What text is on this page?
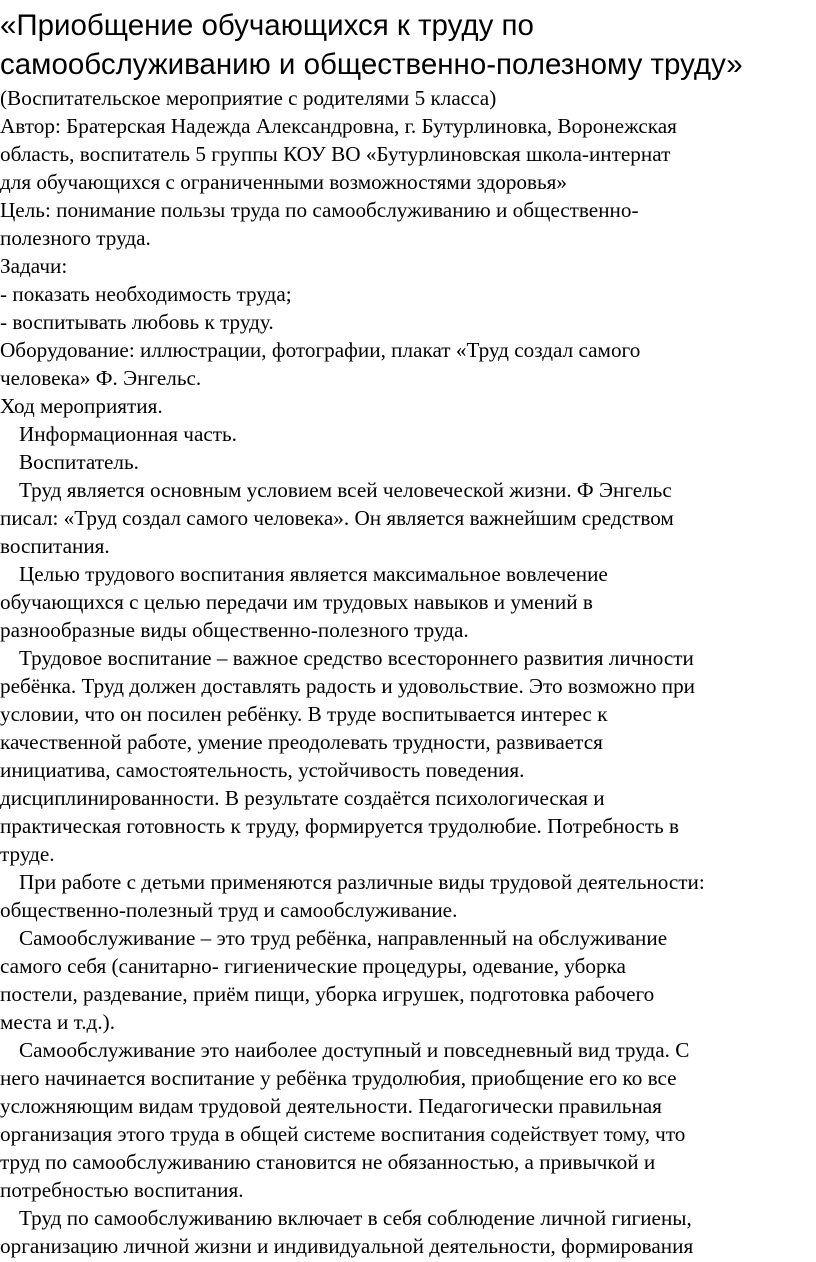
«Приобщение обучающихся к труду по
самообслуживанию и общественно-полезному труду»
(Воспитательское мероприятие с родителями 5 класса)
Автор: Братерская Надежда Александровна, г. Бутурлиновка, Воронежская
область, воспитатель 5 группы КОУ ВО «Бутурлиновская школа-интернат
для обучающихся с ограниченными возможностями здоровья»
Цель: понимание пользы труда по самообслуживанию и общественно-
полезного труда.
Задачи:
- показать необходимость труда;
- воспитывать любовь к труду.
Оборудование: иллюстрации, фотографии, плакат «Труд создал самого
человека» Ф. Энгельс.
Ход мероприятия.
Информационная часть.
Воспитатель.
Труд является основным условием всей человеческой жизни. Ф Энгельс
писал: «Труд создал самого человека». Он является важнейшим средством
воспитания.
Целью трудового воспитания является максимальное вовлечение
обучающихся с целью передачи им трудовых навыков и умений в
разнообразные виды общественно-полезного труда.
Трудовое воспитание – важное средство всестороннего развития личности
ребёнка. Труд должен доставлять радость и удовольствие. Это возможно при
условии, что он посилен ребёнку. В труде воспитывается интерес к
качественной работе, умение преодолевать трудности, развивается
инициатива, самостоятельность, устойчивость поведения.
дисциплинированности. В результате создаётся психологическая и
практическая готовность к труду, формируется трудолюбие. Потребность в
труде.
При работе с детьми применяются различные виды трудовой деятельности:
общественно-полезный труд и самообслуживание.
Самообслуживание – это труд ребёнка, направленный на обслуживание
самого себя (санитарно- гигиенические процедуры, одевание, уборка
постели, раздевание, приём пищи, уборка игрушек, подготовка рабочего
места и т.д.).
Самообслуживание это наиболее доступный и повседневный вид труда. С
него начинается воспитание у ребёнка трудолюбия, приобщение его ко все
усложняющим видам трудовой деятельности. Педагогически правильная
организация этого труда в общей системе воспитания содействует тому, что
труд по самообслуживанию становится не обязанностью, а привычкой и
потребностью воспитания.
Труд по самообслуживанию включает в себя соблюдение личной гигиены,
организацию личной жизни и индивидуальной деятельности, формирования
